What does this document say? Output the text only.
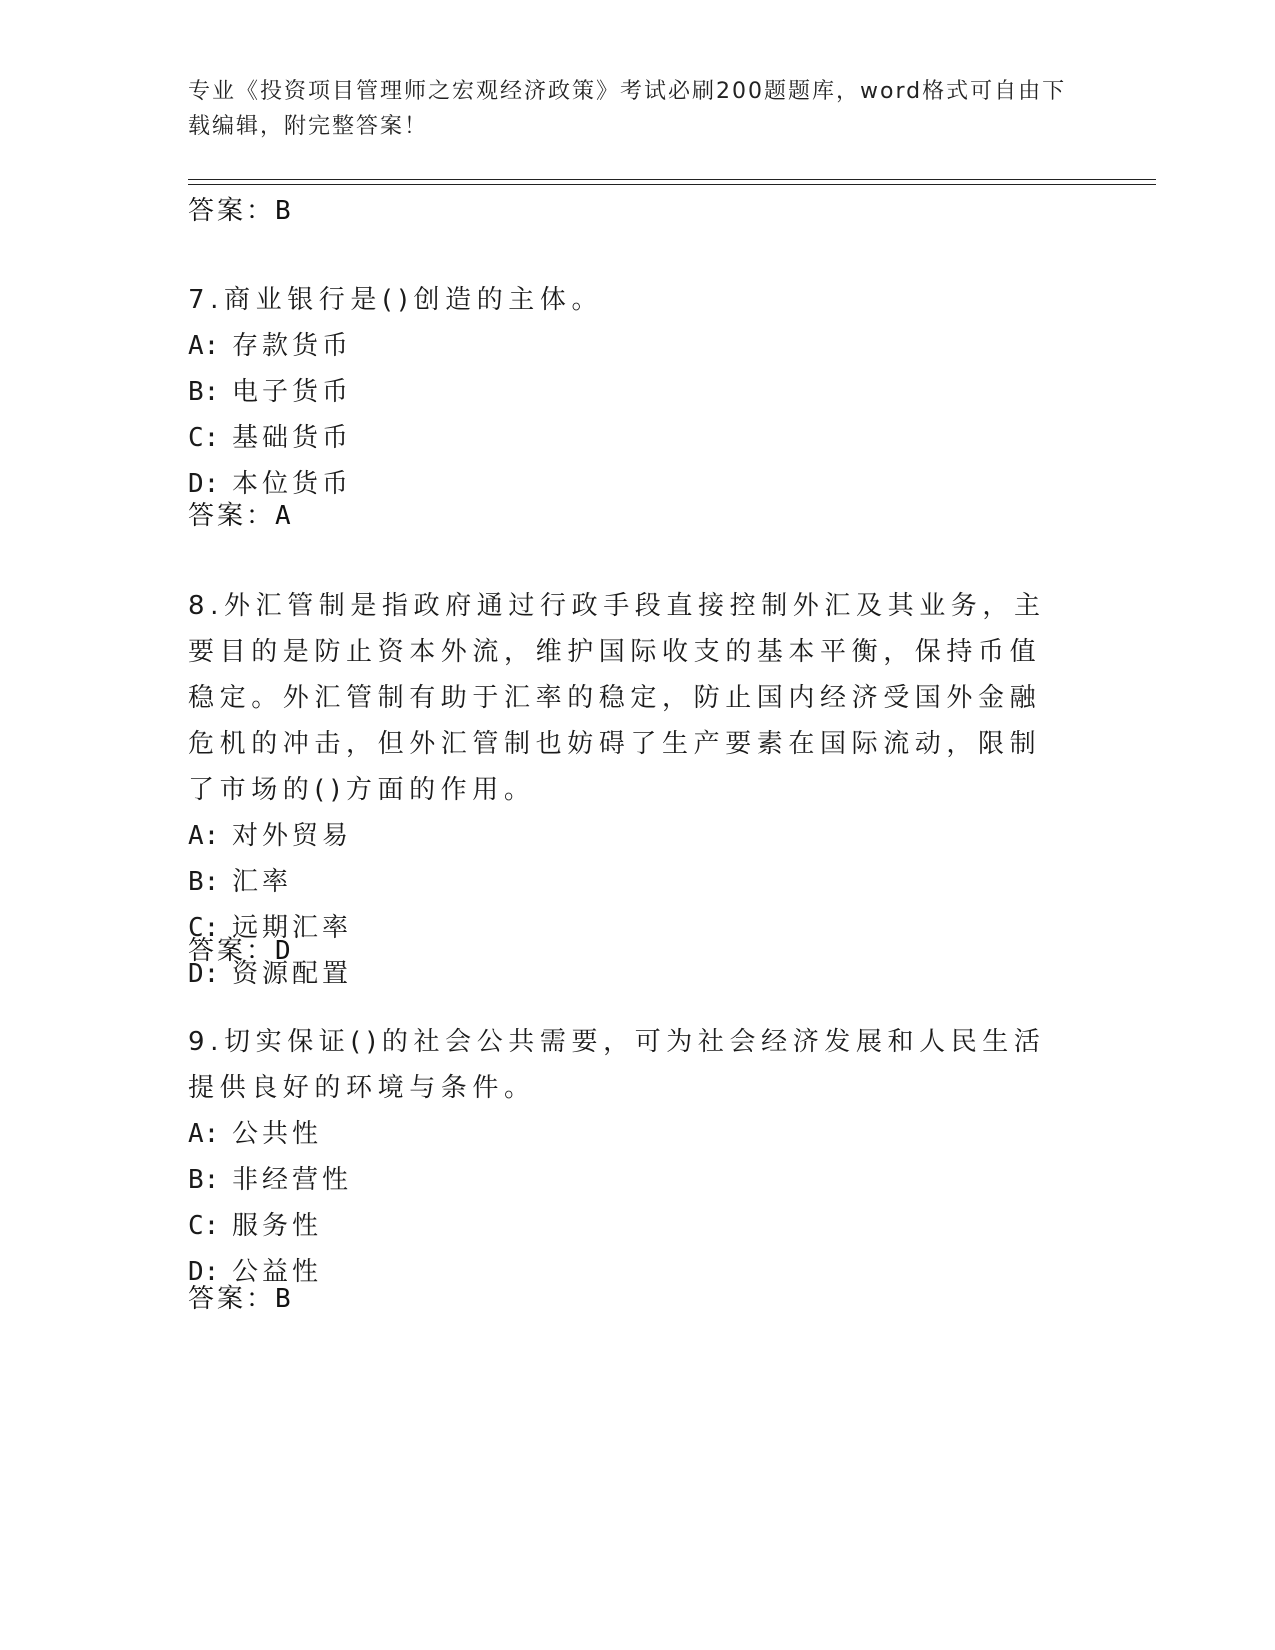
专业《投资项目管理师之宏观经济政策》考试必刷200题题库，word格式可自由下载编辑，附完整答案！
答案：B

7.商业银行是()创造的主体。

A: 存款货币
B: 电子货币
C: 基础货币
D: 本位货币
答案：A

8.外汇管制是指政府通过行政手段直接控制外汇及其业务，主要目的是防止资本外流，维护国际收支的基本平衡，保持币值稳定。外汇管制有助于汇率的稳定，防止国内经济受国外金融危机的冲击，但外汇管制也妨碍了生产要素在国际流动，限制了市场的()方面的作用。

A: 对外贸易
B: 汇率
C: 远期汇率
D: 资源配置
答案：D

9.切实保证()的社会公共需要，可为社会经济发展和人民生活提供良好的环境与条件。

A: 公共性
B: 非经营性
C: 服务性
D: 公益性
答案：B
